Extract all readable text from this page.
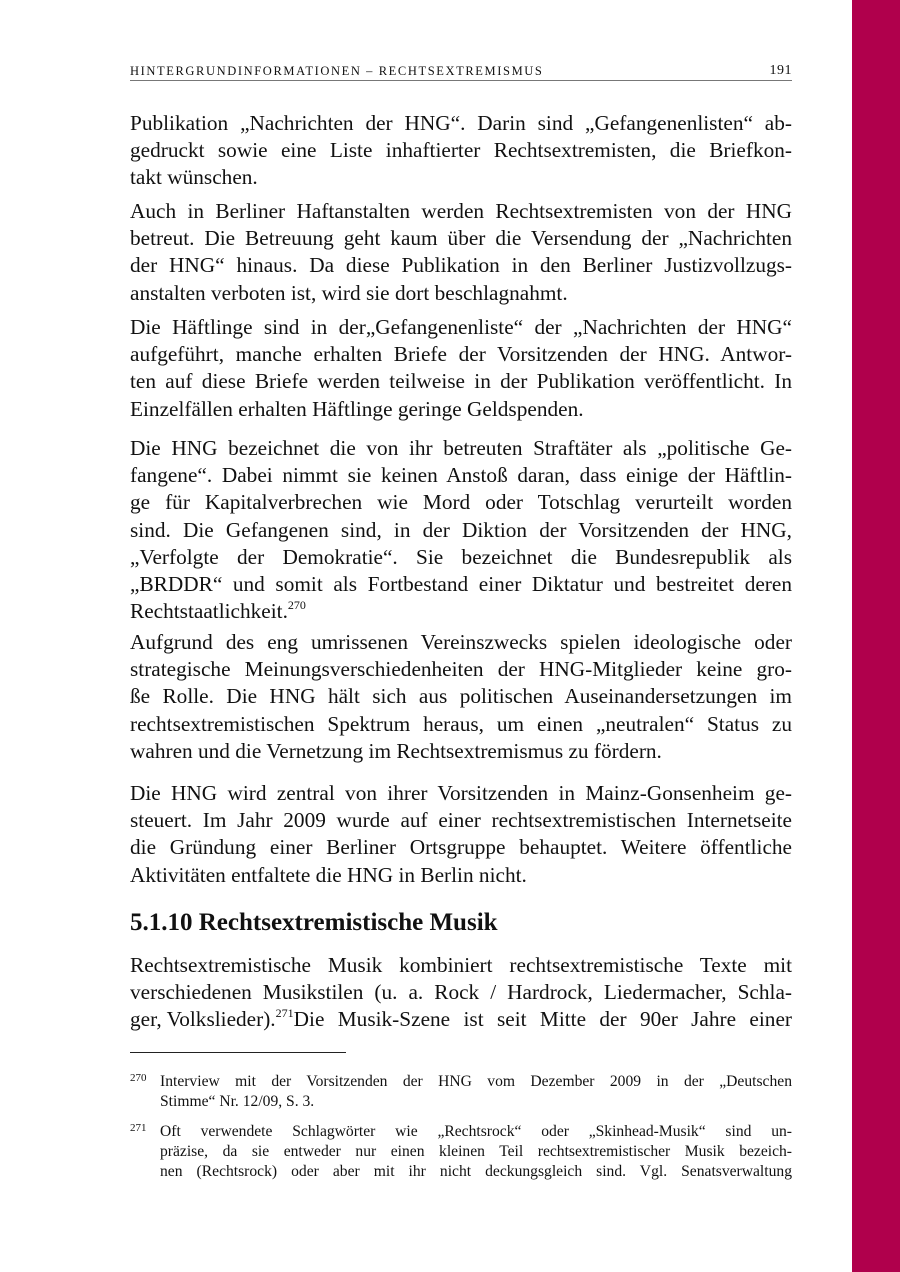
HINTERGRUNDINFORMATIONEN – RECHTSEXTREMISMUS	191
Publikation „Nachrichten der HNG“. Darin sind „Gefangenenlisten“ ab-
gedruckt sowie eine Liste inhaftierter Rechtsextremisten, die Briefkon-
takt wünschen.
Auch in Berliner Haftanstalten werden Rechtsextremisten von der HNG
betreut. Die Betreuung geht kaum über die Versendung der „Nachrichten
der HNG“ hinaus. Da diese Publikation in den Berliner Justizvollzugs-
anstalten verboten ist, wird sie dort beschlagnahmt.
Die Häftlinge sind in der„Gefangenenliste“ der „Nachrichten der HNG“
aufgeführt, manche erhalten Briefe der Vorsitzenden der HNG. Antwor-
ten auf diese Briefe werden teilweise in der Publikation veröffentlicht. In
Einzelfällen erhalten Häftlinge geringe Geldspenden.
Die HNG bezeichnet die von ihr betreuten Straftäter als „politische Ge-
fangene“. Dabei nimmt sie keinen Anstoß daran, dass einige der Häftlin-
ge für Kapitalverbrechen wie Mord oder Totschlag verurteilt worden
sind. Die Gefangenen sind, in der Diktion der Vorsitzenden der HNG,
„Verfolgte der Demokratie“. Sie bezeichnet die Bundesrepublik als
„BRDDR“ und somit als Fortbestand einer Diktatur und bestreitet deren
Rechtstaatlichkeit. 270
Aufgrund des eng umrissenen Vereinszwecks spielen ideologische oder
strategische Meinungsverschiedenheiten der HNG-Mitglieder keine gro-
ße Rolle. Die HNG hält sich aus politischen Auseinandersetzungen im
rechtsextremistischen Spektrum heraus, um einen „neutralen“ Status zu
wahren und die Vernetzung im Rechtsextremismus zu fördern.
Die HNG wird zentral von ihrer Vorsitzenden in Mainz-Gonsenheim ge-
steuert. Im Jahr 2009 wurde auf einer rechtsextremistischen Internetseite
die Gründung einer Berliner Ortsgruppe behauptet. Weitere öffentliche
Aktivitäten entfaltete die HNG in Berlin nicht.
Rechtsextremistische Musik kombiniert rechtsextremistische Texte mit
verschiedenen Musikstilen (u. a. Rock / Hardrock, Liedermacher, Schla-
ger, Volkslieder). 271 Die Musik-Szene ist seit Mitte der 90er Jahre einer
5.1.10 Rechtsextremistische Musik
270 Interview mit der Vorsitzenden der HNG vom Dezember 2009 in der „Deutschen
Stimme“ Nr. 12/09, S. 3.
271 Oft verwendete Schlagwörter wie „Rechtsrock“ oder „Skinhead-Musik“ sind un-
präzise, da sie entweder nur einen kleinen Teil rechtsextremistischer Musik bezeich-
nen (Rechtsrock) oder aber mit ihr nicht deckungsgleich sind. Vgl. Senatsverwaltung
